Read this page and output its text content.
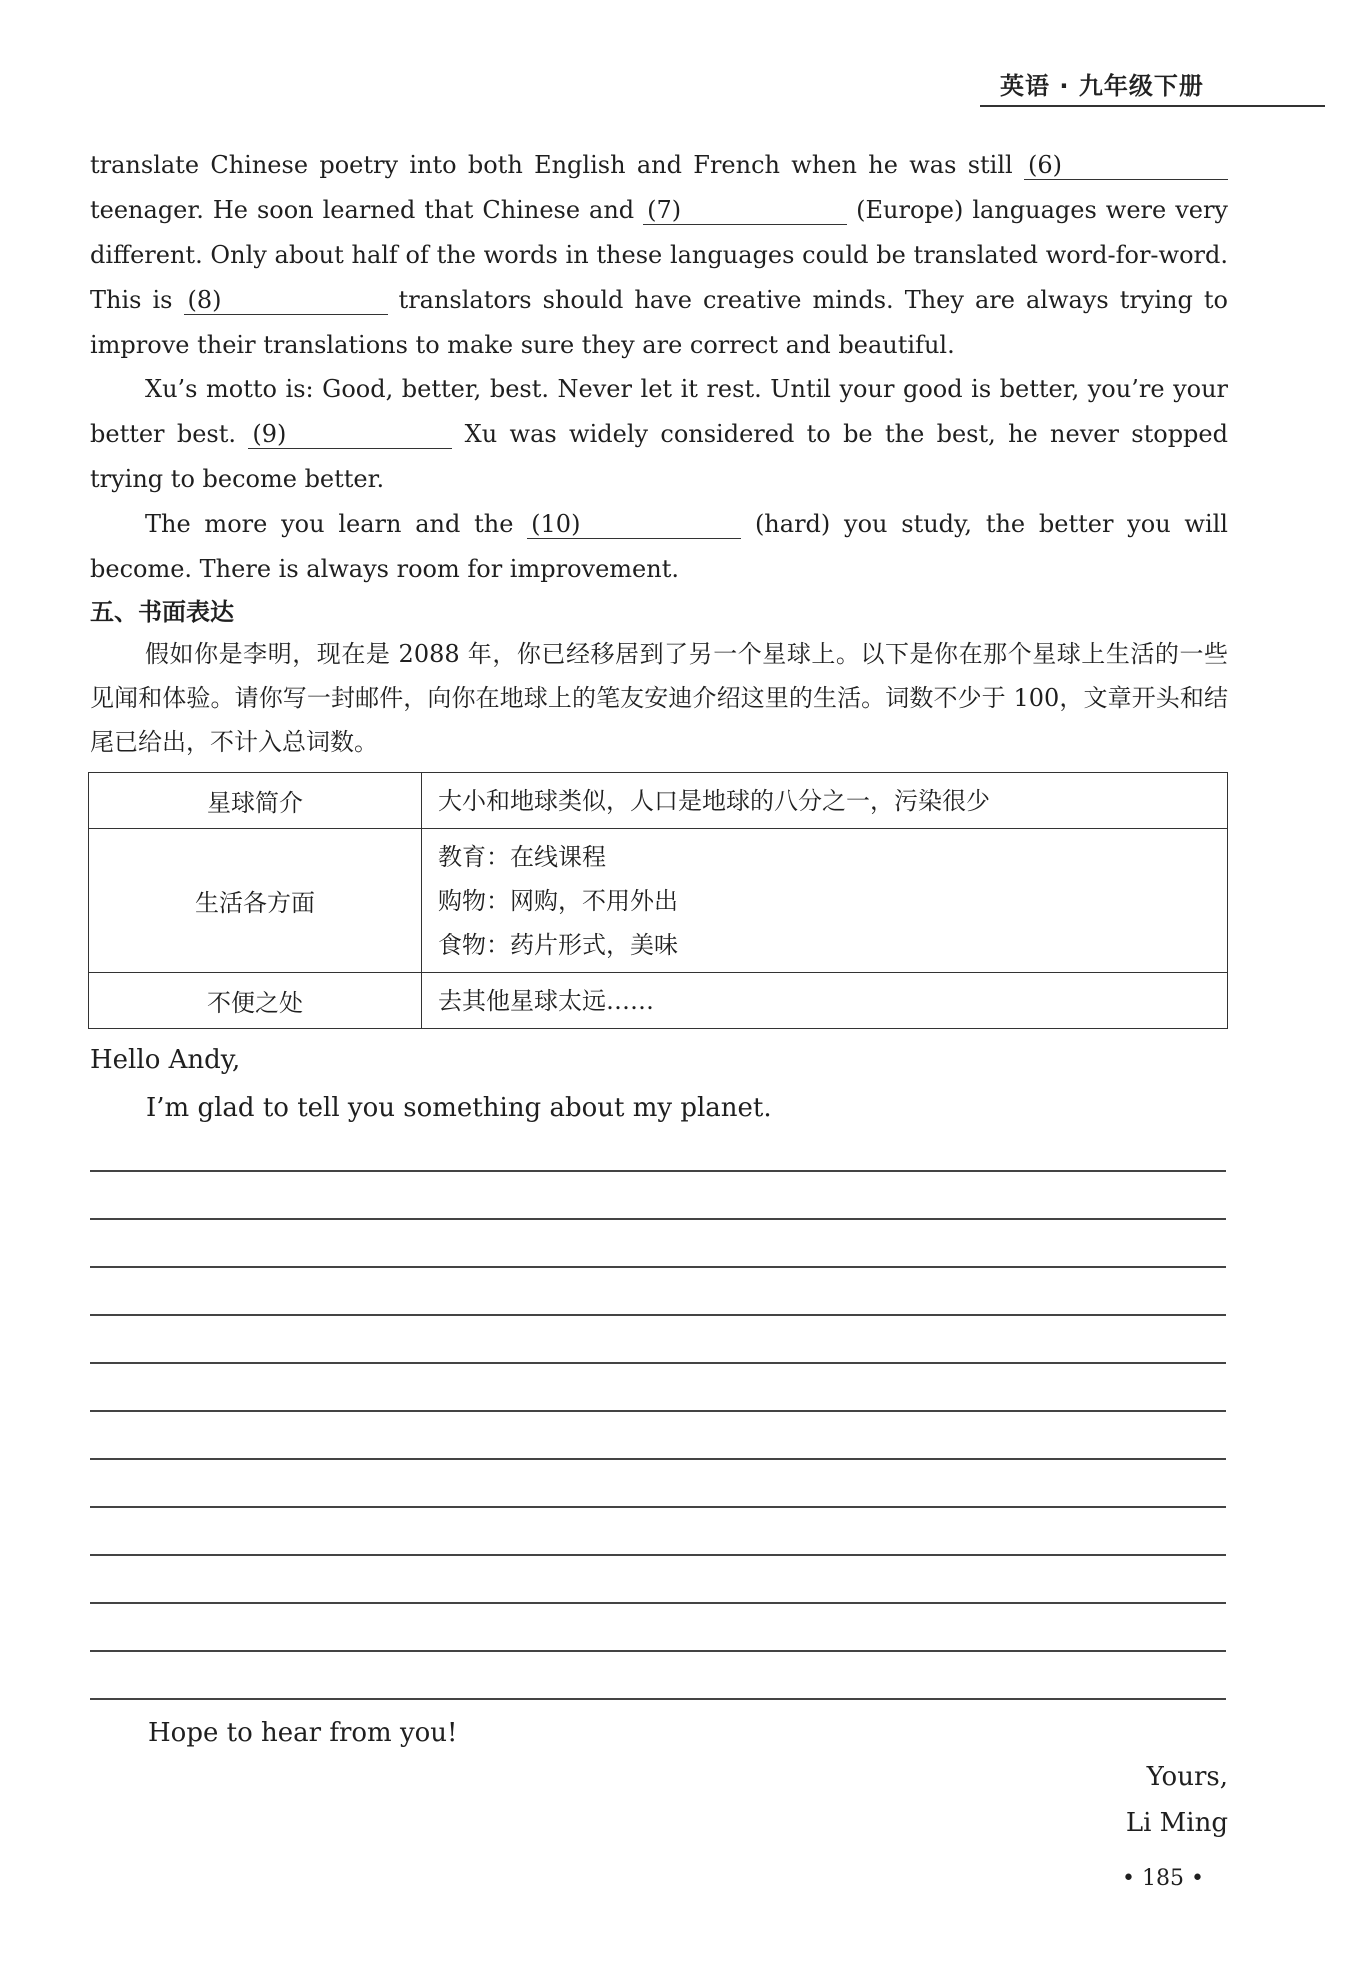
英语 · 九年级下册

translate Chinese poetry into both English and French when he was still (6) teenager. He soon learned that Chinese and (7)	(Europe) languages were very different. Only about half of the words in these languages could be translated word-for-word. This is (8)	translators should have creative minds. They are always trying to improve their translations to make sure they are correct and beautiful.

Xu’s motto is: Good, better, best. Never let it rest. Until your good is better, you’re your better best. (9)	Xu was widely considered to be the best, he never stopped trying to become better.

The more you learn and the (10)	(hard) you study, the better you will become. There is always room for improvement.

五、书面表达
假如你是李明，现在是 2088 年，你已经移居到了另一个星球上。以下是你在那个星球上生活的一些见闻和体验。请你写一封邮件，向你在地球上的笔友安迪介绍这里的生活。词数不少于 100，文章开头和结尾已给出，不计入总词数。
星球简介	大小和地球类似，人口是地球的八分之一，污染很少
生活各方面	教育：在线课程
购物：网购，不用外出
食物：药片形式，美味

不便之处	去其他星球太远……
Hello Andy,
I’m glad to tell you something about my planet.
Hope to hear from you!
Yours,
Li Ming
• 185 •
